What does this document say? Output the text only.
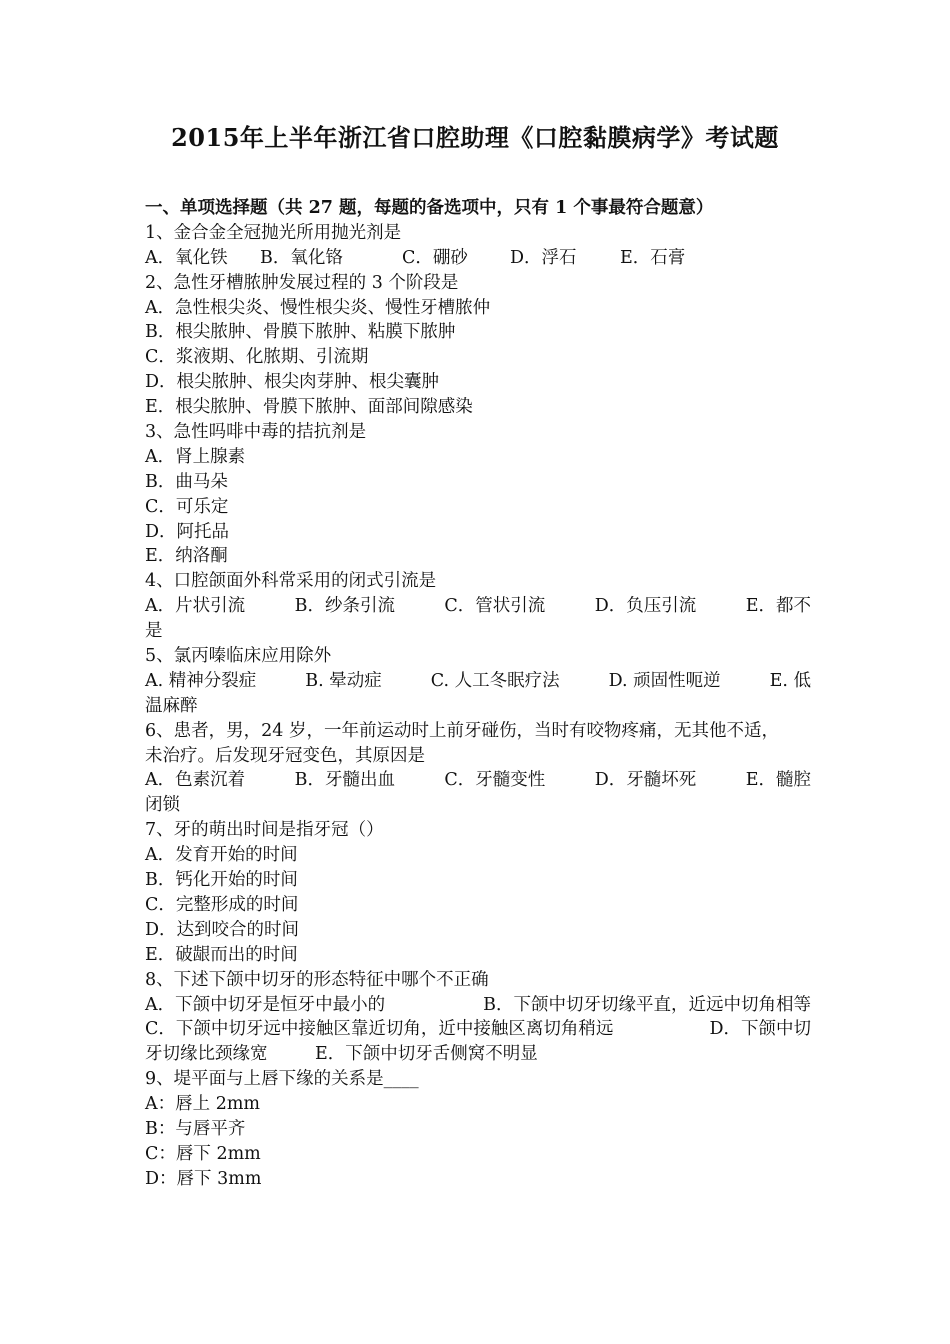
2015年上半年浙江省口腔助理《口腔黏膜病学》考试题
一、单项选择题（共 27 题，每题的备选项中，只有 1 个事最符合题意）
1、金合金全冠抛光所用抛光剂是
A．氧化铁 B．氧化铬	C．硼砂 D．浮石 E．石膏
2、急性牙槽脓肿发展过程的 3 个阶段是
A．急性根尖炎、慢性根尖炎、慢性牙槽脓仲
B．根尖脓肿、骨膜下脓肿、粘膜下脓肿
C．浆液期、化脓期、引流期
D．根尖脓肿、根尖肉芽肿、根尖囊肿
E．根尖脓肿、骨膜下脓肿、面部间隙感染
3、急性吗啡中毒的拮抗剂是
A．肾上腺素
B．曲马朵
C．可乐定
D．阿托品
E．纳洛酮
4、口腔颌面外科常采用的闭式引流是
A．片状引流	B．纱条引流	C．管状引流	D．负压引流	E．都不
是
5、氯丙嗪临床应用除外
A. 精神分裂症	B. 晕动症	C. 人工冬眠疗法	D. 顽固性呃逆	E. 低
温麻醉
6、患者，男，24 岁，一年前运动时上前牙碰伤，当时有咬物疼痛，无其他不适，
未治疗。后发现牙冠变色，其原因是
A．色素沉着	B．牙髓出血	C．牙髓变性	D．牙髓坏死	E．髓腔
闭锁
7、牙的萌出时间是指牙冠（）
A．发育开始的时间
B．钙化开始的时间
C．完整形成的时间
D．达到咬合的时间
E．破龈而出的时间
8、下述下颌中切牙的形态特征中哪个不正确
A．下颌中切牙是恒牙中最小的	B．下颌中切牙切缘平直，近远中切角相等
C．下颌中切牙远中接触区靠近切角，近中接触区离切角稍远	D．下颌中切
牙切缘比颈缘宽	E．下颌中切牙舌侧窝不明显
9、堤平面与上唇下缘的关系是____
A：唇上 2mm
B：与唇平齐
C：唇下 2mm
D：唇下 3mm
